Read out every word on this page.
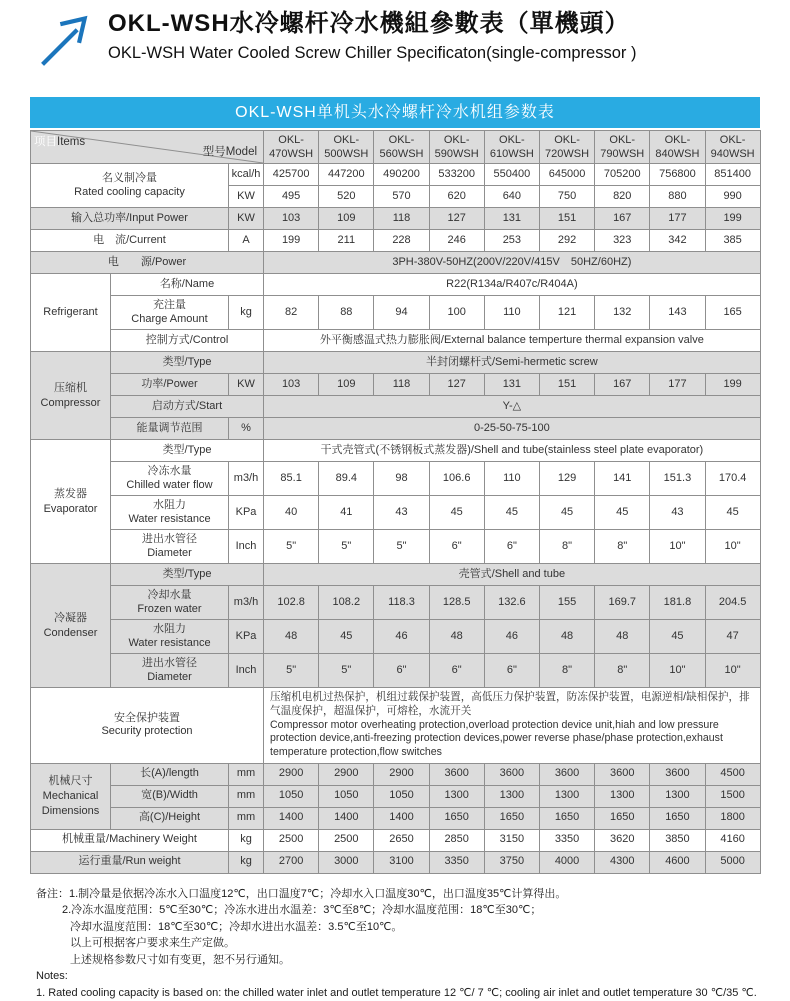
OKL-WSH水冷螺杆冷水機組參數表（單機頭）
OKL-WSH Water Cooled Screw Chiller Specificaton(single-compressor )
OKL-WSH单机头水冷螺杆冷水机组参数表
项目Items
型号Model			OKL-
470WSH	OKL-
500WSH	OKL-
560WSH	OKL-
590WSH	OKL-
610WSH	OKL-
720WSH	OKL-
790WSH	OKL-
840WSH	OKL-
940WSH
名义制冷量
Rated cooling capacity		kcal/h	425700	447200	490200	533200	550400	645000	705200	756800	851400
		KW	495	520	570	620	640	750	820	880	990
输入总功率/Input Power		KW	103	109	118	127	131	151	167	177	199
电　流/Current		A	199	211	228	246	253	292	323	342	385
电　　源/Power			3PH-380V-50HZ(200V/220V/415V　50HZ/60HZ)								
Refrigerant	名称/Name		R22(R134a/R407c/R404A)								
	充注量
Charge Amount	kg	82	88	94	100	110	121	132	143	165
	控制方式/Control		外平衡感温式热力膨胀阀/External balance temperture thermal expansion valve								
压缩机
Compressor	类型/Type		半封闭螺杆式/Semi-hermetic screw								
	功率/Power	KW	103	109	118	127	131	151	167	177	199
	启动方式/Start		Y-△								
	能量调节范围	%	0-25-50-75-100								
蒸发器
Evaporator	类型/Type		干式壳管式(不锈钢板式蒸发器)/Shell and tube(stainless steel plate evaporator)								
	冷冻水量
Chilled water flow	m3/h	85.1	89.4	98	106.6	110	129	141	151.3	170.4
	水阻力
Water resistance	KPa	40	41	43	45	45	45	45	43	45
	进出水管径
Diameter	Inch	5"	5"	5"	6"	6"	8"	8"	10"	10"
冷凝器
Condenser	类型/Type		壳管式/Shell and tube								
	冷却水量
Frozen water	m3/h	102.8	108.2	118.3	128.5	132.6	155	169.7	181.8	204.5
	水阻力
Water resistance	KPa	48	45	46	48	46	48	48	45	47
	进出水管径
Diameter	Inch	5"	5"	6"	6"	6"	8"	8"	10"	10"
安全保护装置
Security protection	
压缩机电机过热保护，机组过载保护装置，高低压力保护装置，防冻保护装置，电源逆相/缺相保护，排气温度保护，超温保护，可熔栓，水流开关
Compressor motor overheating protection,overload protection device unit,hiah and low pressure protection device,anti-freezing protection devices,power reverse phase/phase protection,exhaust temperature protection,flow switches

机械尺寸
Mechanical Dimensions	长(A)/length	mm	2900	2900	2900	3600	3600	3600	3600	3600	4500
	宽(B)/Width	mm	1050	1050	1050	1300	1300	1300	1300	1300	1500
	高(C)/Height	mm	1400	1400	1400	1650	1650	1650	1650	1650	1800
机械重量/Machinery Weight		kg	2500	2500	2650	2850	3150	3350	3620	3850	4160
运行重量/Run weight		kg	2700	3000	3100	3350	3750	4000	4300	4600	5000
备注：1.制冷量是依据冷冻水入口温度12℃，出口温度7℃；冷却水入口温度30℃，出口温度35℃计算得出。
2.冷冻水温度范围：5℃至30℃；冷冻水进出水温差：3℃至8℃；冷却水温度范围：18℃至30℃；
冷却水温度范围：18℃至30℃；冷却水进出水温差：3.5℃至10℃。
以上可根据客户要求来生产定做。
上述规格参数尺寸如有变更，恕不另行通知。
Notes:
1. Rated cooling capacity is based on: the chilled water inlet and outlet temperature 12 ℃/ 7 ℃; cooling air inlet and outlet temperature 30 ℃/35 ℃.
